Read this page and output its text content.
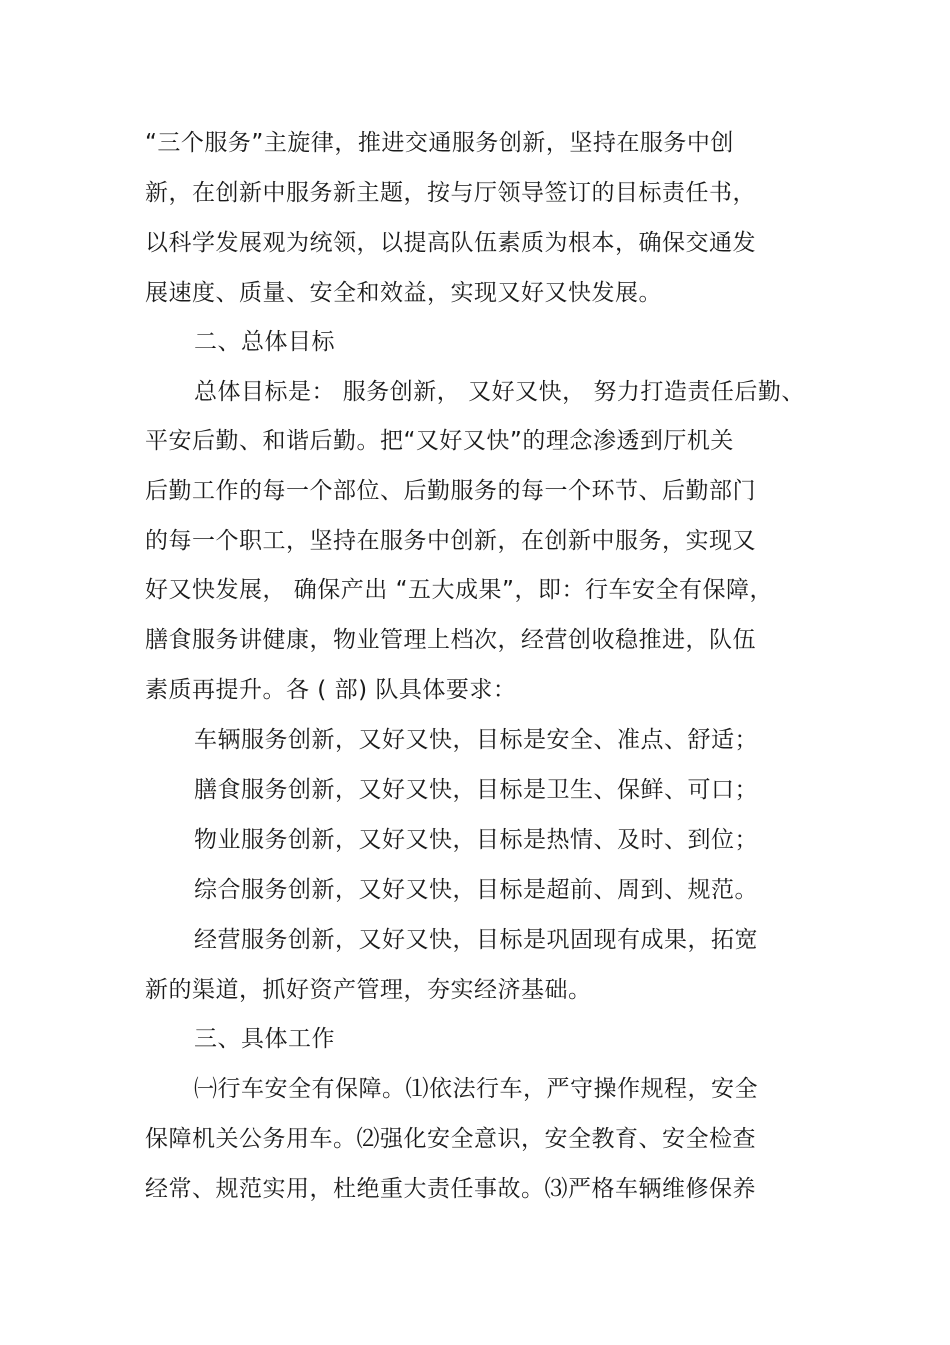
“三个服务”主旋律，推进交通服务创新，坚持在服务中创
新，在创新中服务新主题，按与厅领导签订的目标责任书，
以科学发展观为统领，以提高队伍素质为根本，确保交通发
展速度、质量、安全和效益，实现又好又快发展。
二、总体目标
总体目标是： 服务创新， 又好又快， 努力打造责任后勤、
平安后勤、和谐后勤。把“又好又快”的理念渗透到厅机关
后勤工作的每一个部位、后勤服务的每一个环节、后勤部门
的每一个职工，坚持在服务中创新，在创新中服务，实现又
好又快发展， 确保产出 “五大成果”，即：行车安全有保障，
膳食服务讲健康，物业管理上档次，经营创收稳推进，队伍
素质再提升。各 ( 部) 队具体要求：
车辆服务创新，又好又快，目标是安全、准点、舒适；
膳食服务创新，又好又快，目标是卫生、保鲜、可口；
物业服务创新，又好又快，目标是热情、及时、到位；
综合服务创新，又好又快，目标是超前、周到、规范。
经营服务创新，又好又快，目标是巩固现有成果，拓宽
新的渠道，抓好资产管理，夯实经济基础。
三、具体工作
㈠行车安全有保障。⑴依法行车，严守操作规程，安全
保障机关公务用车。⑵强化安全意识，安全教育、安全检查
经常、规范实用，杜绝重大责任事故。⑶严格车辆维修保养
